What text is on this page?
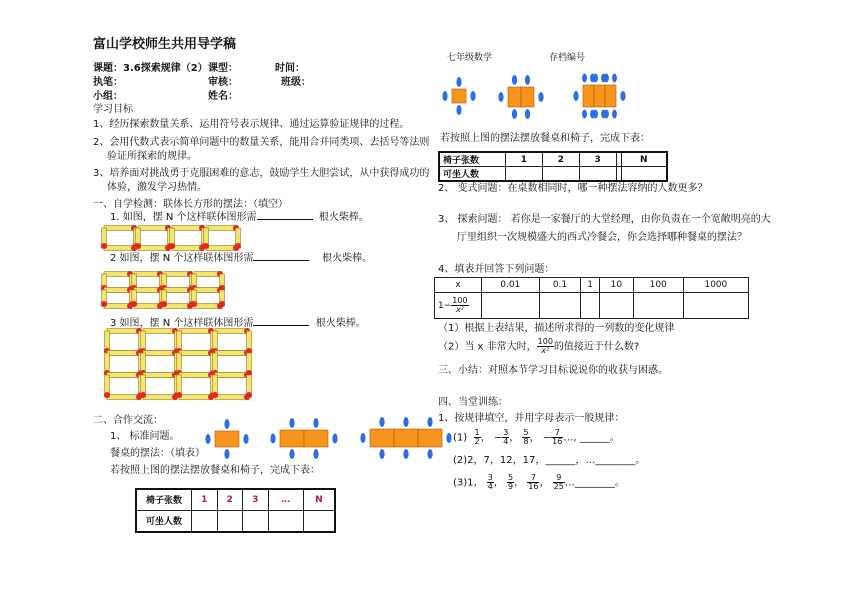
富山学校师生共用导学稿
七年级数学	存档编号
课题：3.6探索规律（2） 课型：	时间：
执笔：	审核：	班级：
小组：	姓名：
学习目标
1、经历探索数量关系、运用符号表示规律、通过运算验证规律的过程。
2、会用代数式表示简单问题中的数量关系，能用合并同类项、去括号等法则
验证所探索的规律。
3、培养面对挑战勇于克服困难的意志，鼓励学生大胆尝试，从中获得成功的
体验，激发学习热情。
一、自学检测：联体长方形的摆法：（填空）
1. 如图，摆 N 个这样联体图形需	根火柴棒。
2 如图，摆 N 个这样联体图形需	根火柴棒。
3 如图，摆 N 个这样联体图形需	根火柴棒。
二、合作交流：
1、 标准问题。
餐桌的摆法：（填表）
若按照上图的摆法摆放餐桌和椅子，完成下表：
椅子张数	1	2	3	…	N
可坐人数					
若按照上图的摆法摆放餐桌和椅子，完成下表：
椅子张数	1	2	3		N
可坐人数					
2、 变式问题：在桌数相同时，哪一种摆法容纳的人数更多？
3、 探索问题： 若你是一家餐厅的大堂经理，由你负责在一个宽敞明亮的大
厅里组织一次规模盛大的西式冷餐会，你会选择哪种餐桌的摆法？
4、填表并回答下列问题：
x	0.01	0.1	1	10	100	1000
$1- \frac{100}{\text{x²}}$

（1）根据上表结果，描述所求得的一列数的变化规律
（2）当 x 非常大时， $\frac{100}{\text{x²}}$ 的值接近于什么数?
三、小结：对照本节学习目标说说你的收获与困惑。
四、当堂训练：
1、按规律填空，并用字母表示一般规律：
$(1) \frac{1}{2}$ ， − $\frac{3}{4}$ ， $\frac{5}{8}$ ， − $\frac{7}{16}$ …, ______。
(2)2，7，12，17，______，…________。
(3)1， $\frac{3}{4}$ ， $\frac{5}{9}$ ， $\frac{7}{16}$ ， $\frac{9}{25}$ …________。
